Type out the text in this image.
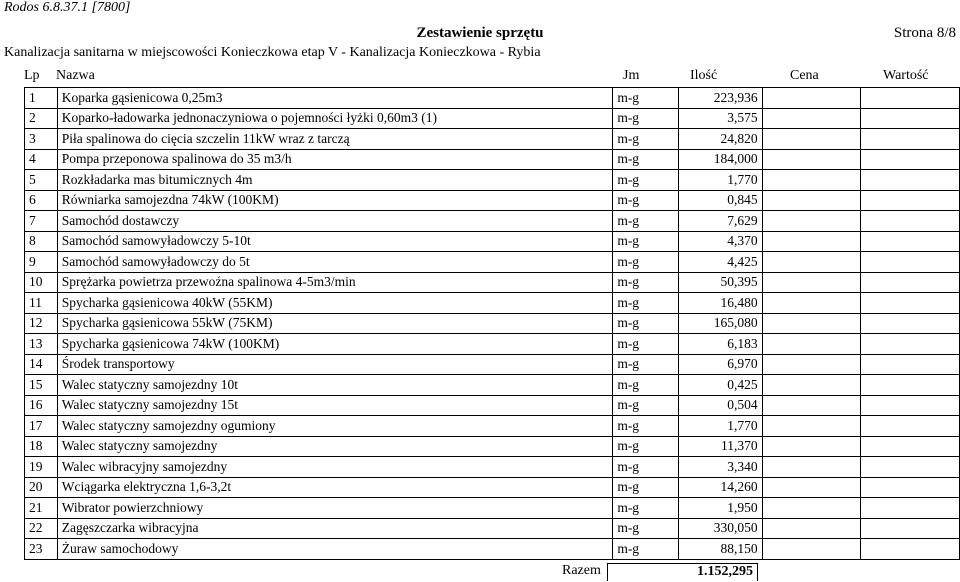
Rodos 6.8.37.1 [7800]
Zestawienie sprzętu	Strona 8/8
Kanalizacja sanitarna w miejscowości Konieczkowa etap V - Kanalizacja Konieczkowa - Rybia
Lp Nazwa	Jm	Ilość	Cena	Wartość
1	Koparka gąsienicowa 0,25m3	m-g	223,936		
2	Koparko-ładowarka jednonaczyniowa o pojemności łyżki 0,60m3 (1)	m-g	3,575		
3	Piła spalinowa do cięcia szczelin 11kW wraz z tarczą	m-g	24,820		
4	Pompa przeponowa spalinowa do 35 m3/h	m-g	184,000		
5	Rozkładarka mas bitumicznych 4m	m-g	1,770		
6	Równiarka samojezdna 74kW (100KM)	m-g	0,845		
7	Samochód dostawczy	m-g	7,629		
8	Samochód samowyładowczy 5-10t	m-g	4,370		
9	Samochód samowyładowczy do 5t	m-g	4,425		
10	Sprężarka powietrza przewoźna spalinowa 4-5m3/min	m-g	50,395		
11	Spycharka gąsienicowa 40kW (55KM)	m-g	16,480		
12	Spycharka gąsienicowa 55kW (75KM)	m-g	165,080		
13	Spycharka gąsienicowa 74kW (100KM)	m-g	6,183		
14	Środek transportowy	m-g	6,970		
15	Walec statyczny samojezdny 10t	m-g	0,425		
16	Walec statyczny samojezdny 15t	m-g	0,504		
17	Walec statyczny samojezdny ogumiony	m-g	1,770		
18	Walec statyczny samojezdny	m-g	11,370		
19	Walec wibracyjny samojezdny	m-g	3,340		
20	Wciągarka elektryczna 1,6-3,2t	m-g	14,260		
21	Wibrator powierzchniowy	m-g	1,950		
22	Zagęszczarka wibracyjna	m-g	330,050		
23	Żuraw samochodowy	m-g	88,150		
Razem	1.152,295
